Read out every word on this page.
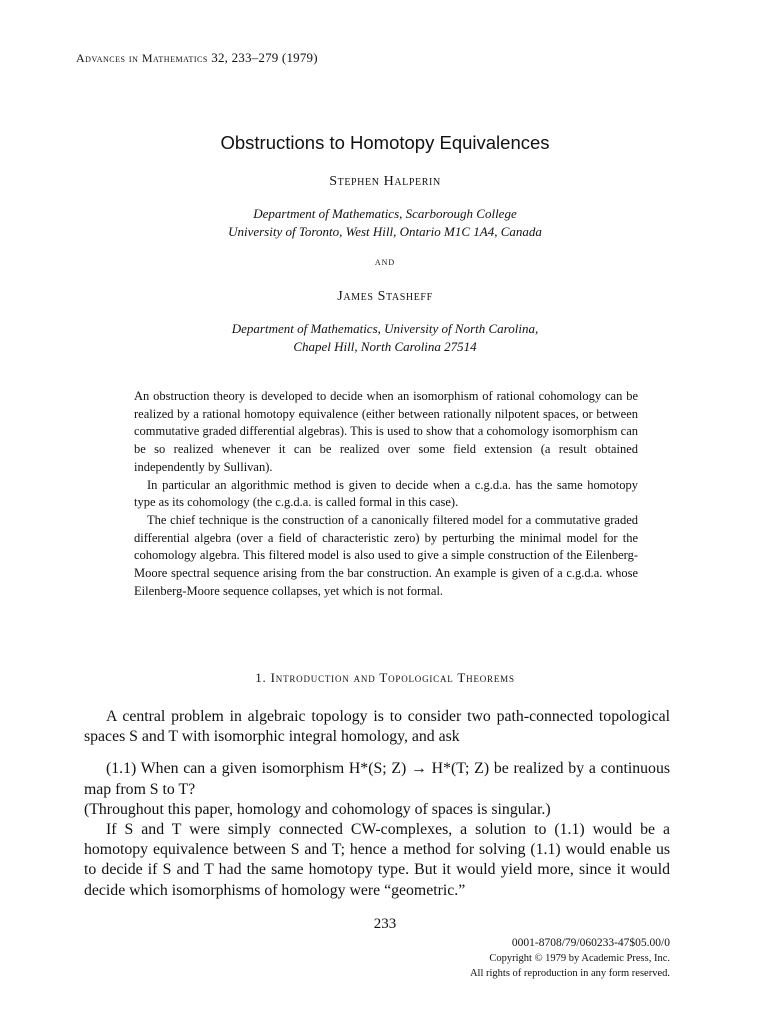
Advances in Mathematics 32, 233–279 (1979)
Obstructions to Homotopy Equivalences
Stephen Halperin
Department of Mathematics, Scarborough College
University of Toronto, West Hill, Ontario M1C 1A4, Canada
and
James Stasheff
Department of Mathematics, University of North Carolina,
Chapel Hill, North Carolina 27514

An obstruction theory is developed to decide when an isomorphism of rational cohomology can be realized by a rational homotopy equivalence (either between rationally nilpotent spaces, or between commutative graded differential algebras). This is used to show that a cohomology isomorphism can be so realized whenever it can be realized over some field extension (a result obtained independently by Sullivan).

In particular an algorithmic method is given to decide when a c.g.d.a. has the same homotopy type as its cohomology (the c.g.d.a. is called formal in this case).

The chief technique is the construction of a canonically filtered model for a commutative graded differential algebra (over a field of characteristic zero) by perturbing the minimal model for the cohomology algebra. This filtered model is also used to give a simple construction of the Eilenberg-Moore spectral sequence arising from the bar construction. An example is given of a c.g.d.a. whose Eilenberg-Moore sequence collapses, yet which is not formal.

1. Introduction and Topological Theorems

A central problem in algebraic topology is to consider two path-connected topological spaces S and T with isomorphic integral homology, and ask

(1.1) When can a given isomorphism H*(S; Z) → H*(T; Z) be realized by a continuous map from S to T?

(Throughout this paper, homology and cohomology of spaces is singular.)

If S and T were simply connected CW-complexes, a solution to (1.1) would be a homotopy equivalence between S and T; hence a method for solving (1.1) would enable us to decide if S and T had the same homotopy type. But it would yield more, since it would decide which isomorphisms of homology were “geometric.”

233
0001-8708/79/060233-47$05.00/0
Copyright © 1979 by Academic Press, Inc.
All rights of reproduction in any form reserved.
